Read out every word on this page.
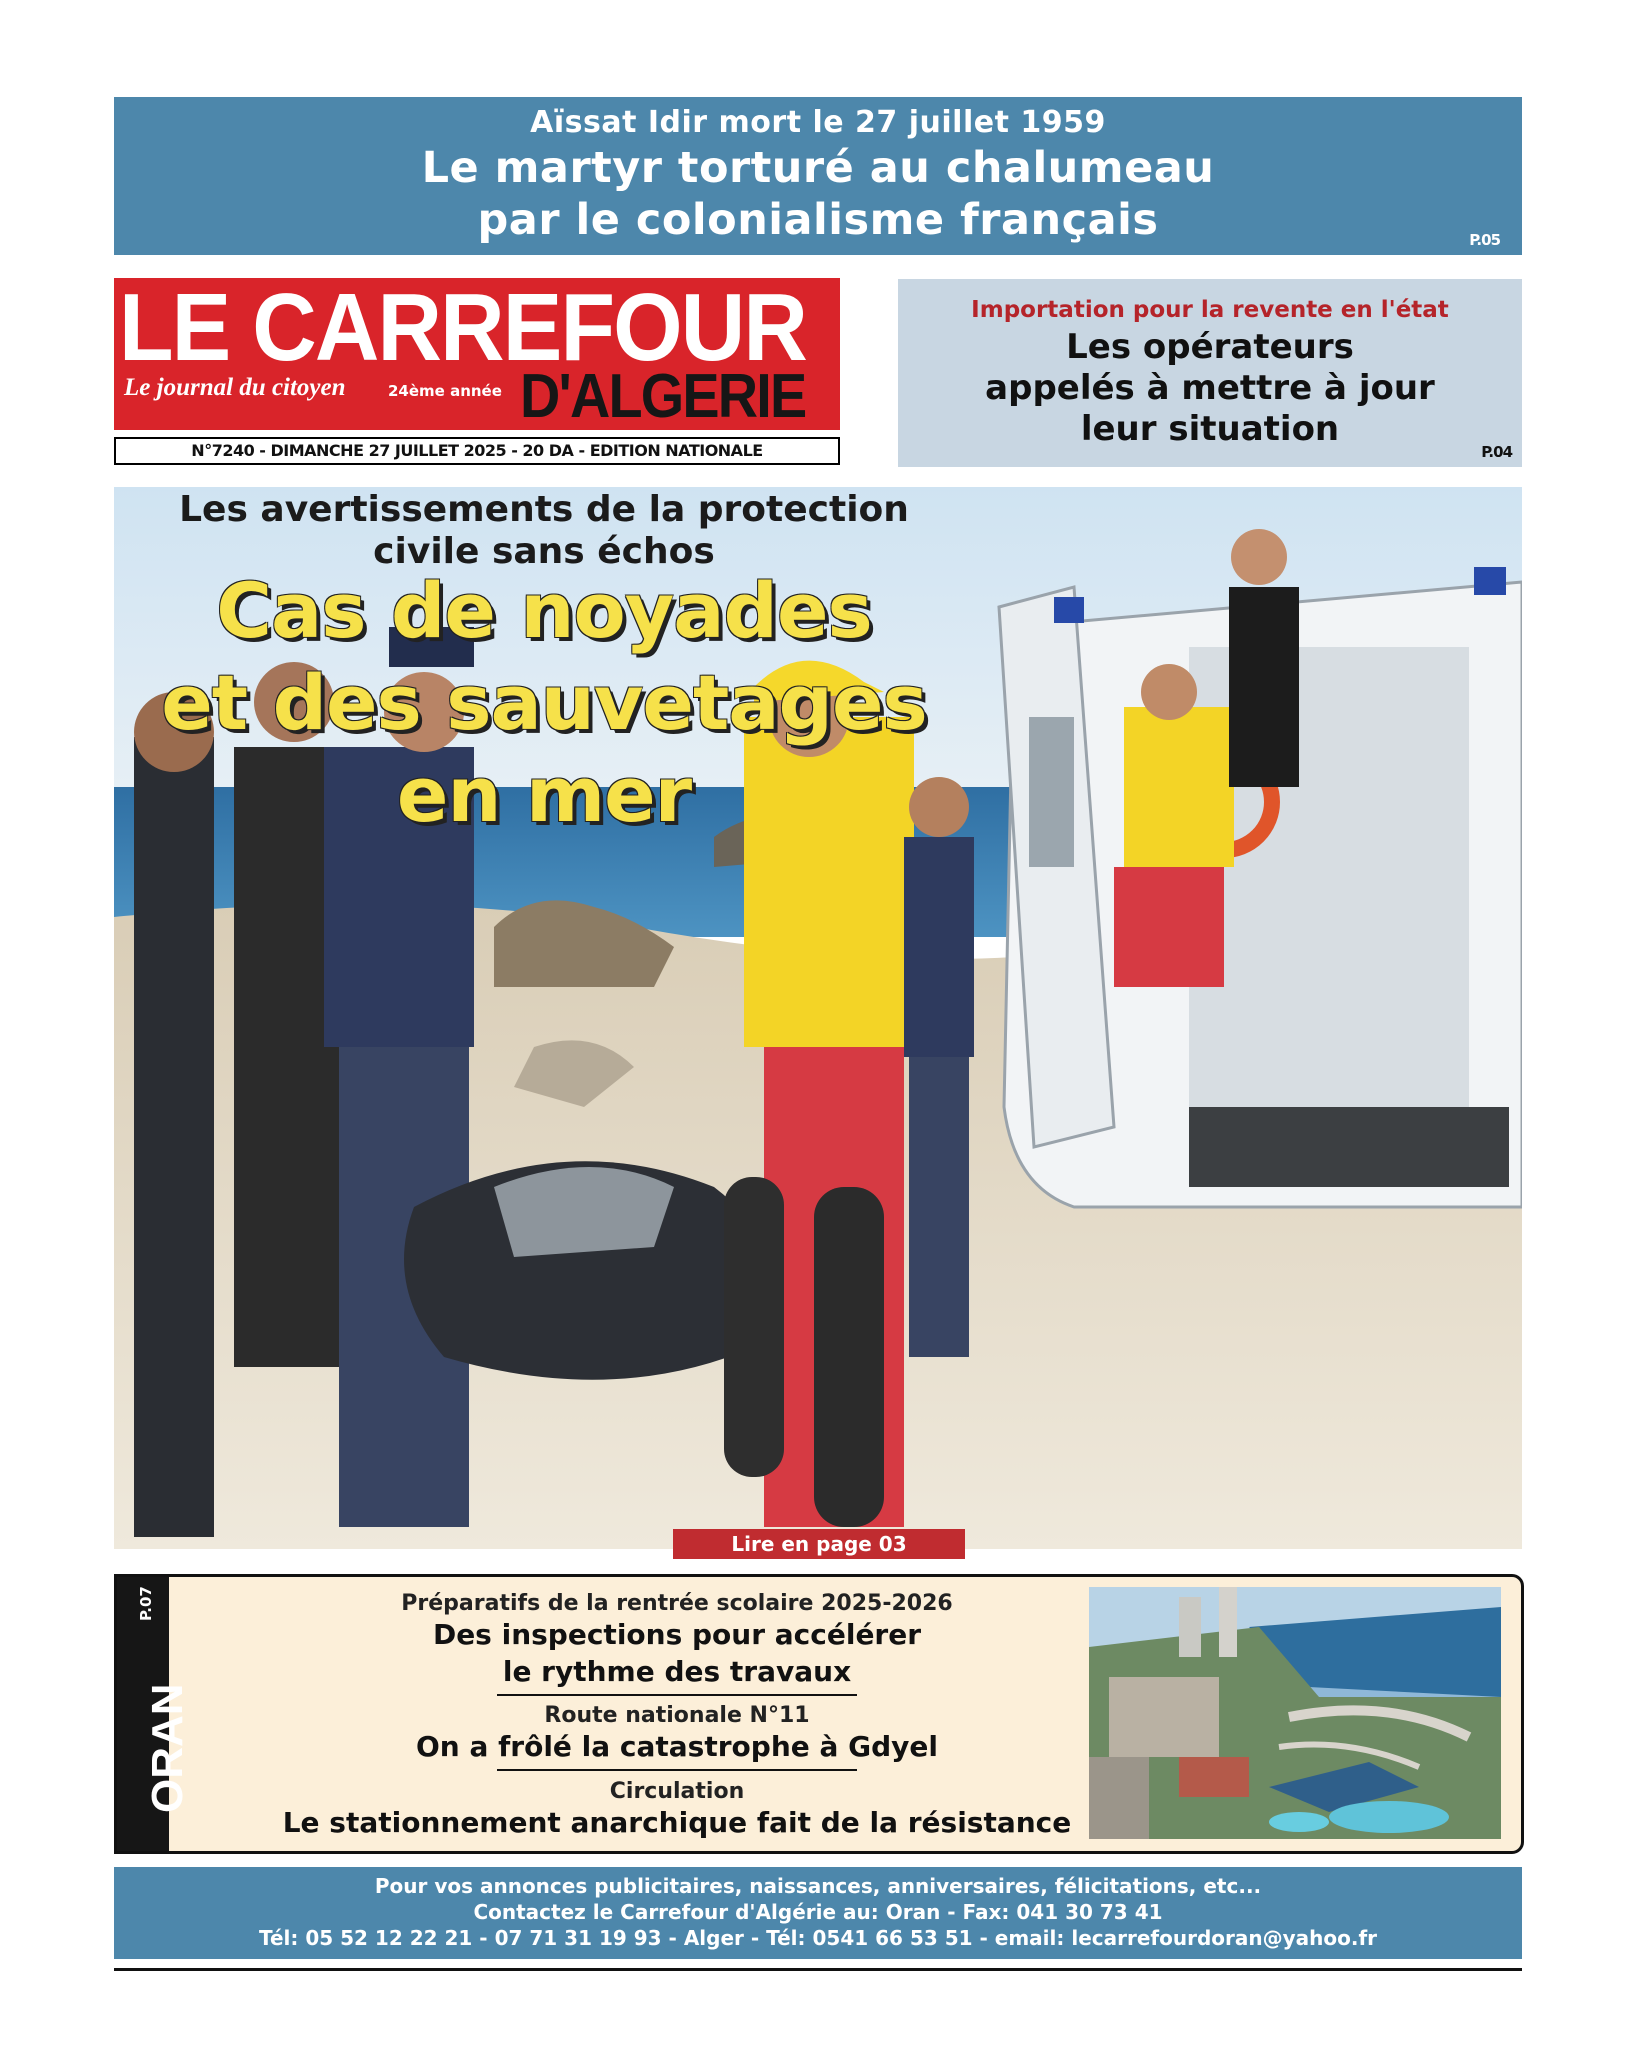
Aïssat Idir mort le 27 juillet 1959
Le martyr torturé au chalumeau
par le colonialisme français	P.05
LE CARREFOUR
Le journal du citoyen	24ème année D'ALGERIE
N°7240 - DIMANCHE 27 JUILLET 2025 - 20 DA - EDITION NATIONALE
Importation pour la revente en l'état
Les opérateurs
appelés à mettre à jour
leur situation
P.04
Les avertissements de la protection
civile sans échos
Cas de noyades
et des sauvetages
en mer
Lire en page 03
P.07
ORAN
Préparatifs de la rentrée scolaire 2025-2026
Des inspections pour accélérer
le rythme des travaux
Route nationale N°11
On a frôlé la catastrophe à Gdyel
Circulation
Le stationnement anarchique fait de la résistance
Pour vos annonces publicitaires, naissances, anniversaires, félicitations, etc...
Contactez le Carrefour d'Algérie au: Oran - Fax: 041 30 73 41
Tél: 05 52 12 22 21 - 07 71 31 19 93 - Alger - Tél: 0541 66 53 51 - email: lecarrefourdoran@yahoo.fr
